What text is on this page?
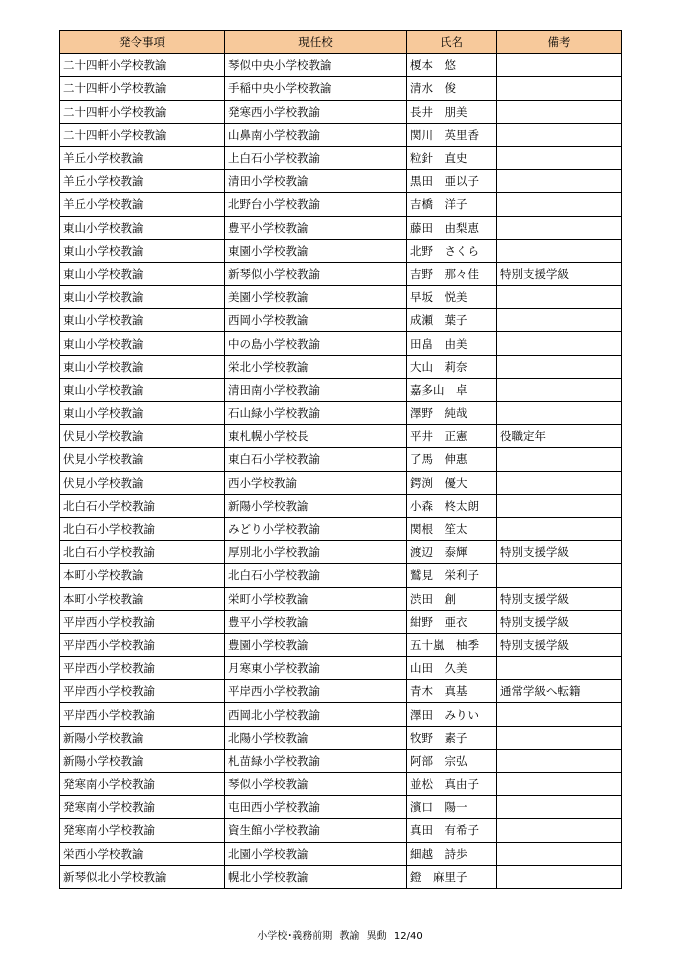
発令事項	現任校	氏名	備考
二十四軒小学校教諭	琴似中央小学校教諭	榎本　悠	
二十四軒小学校教諭	手稲中央小学校教諭	清水　俊	
二十四軒小学校教諭	発寒西小学校教諭	長井　朋美	
二十四軒小学校教諭	山鼻南小学校教諭	関川　英里香	
羊丘小学校教諭	上白石小学校教諭	粒針　直史	
羊丘小学校教諭	清田小学校教諭	黒田　亜以子	
羊丘小学校教諭	北野台小学校教諭	吉橋　洋子	
東山小学校教諭	豊平小学校教諭	藤田　由梨恵	
東山小学校教諭	東園小学校教諭	北野　さくら	
東山小学校教諭	新琴似小学校教諭	吉野　那々佳	特別支援学級
東山小学校教諭	美園小学校教諭	早坂　悦美	
東山小学校教諭	西岡小学校教諭	成瀬　葉子	
東山小学校教諭	中の島小学校教諭	田畠　由美	
東山小学校教諭	栄北小学校教諭	大山　莉奈	
東山小学校教諭	清田南小学校教諭	嘉多山　卓	
東山小学校教諭	石山緑小学校教諭	澤野　純哉	
伏見小学校教諭	東札幌小学校長	平井　正憲	役職定年
伏見小学校教諭	東白石小学校教諭	了馬　伸惠	
伏見小学校教諭	西小学校教諭	鍔渕　優大	
北白石小学校教諭	新陽小学校教諭	小森　柊太朗	
北白石小学校教諭	みどり小学校教諭	関根　笙太	
北白石小学校教諭	厚別北小学校教諭	渡辺　泰輝	特別支援学級
本町小学校教諭	北白石小学校教諭	鷲見　栄利子	
本町小学校教諭	栄町小学校教諭	渋田　創	特別支援学級
平岸西小学校教諭	豊平小学校教諭	紺野　亜衣	特別支援学級
平岸西小学校教諭	豊園小学校教諭	五十嵐　柚季	特別支援学級
平岸西小学校教諭	月寒東小学校教諭	山田　久美	
平岸西小学校教諭	平岸西小学校教諭	青木　真基	通常学級へ転籍
平岸西小学校教諭	西岡北小学校教諭	澤田　みりい	
新陽小学校教諭	北陽小学校教諭	牧野　素子	
新陽小学校教諭	札苗緑小学校教諭	阿部　宗弘	
発寒南小学校教諭	琴似小学校教諭	並松　真由子	
発寒南小学校教諭	屯田西小学校教諭	濱口　陽一	
発寒南小学校教諭	資生館小学校教諭	真田　有希子	
栄西小学校教諭	北園小学校教諭	細越　詩歩	
新琴似北小学校教諭	幌北小学校教諭	鐙　麻里子	
小学校･義務前期 教諭 異動 12/40
